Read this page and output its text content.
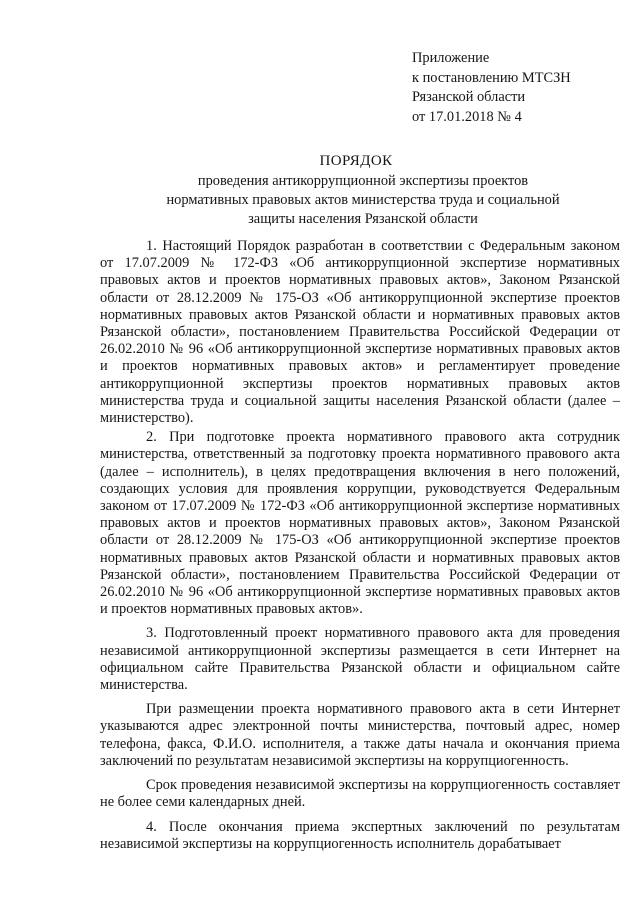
Приложение
к постановлению МТСЗН
Рязанской области
от 17.01.2018 № 4
ПОРЯДОК
проведения антикоррупционной экспертизы проектов нормативных правовых актов министерства труда и социальной защиты населения Рязанской области

1. Настоящий Порядок разработан в соответствии с Федеральным законом от 17.07.2009 № 172-ФЗ «Об антикоррупционной экспертизе нормативных правовых актов и проектов нормативных правовых актов», Законом Рязанской области от 28.12.2009 № 175-ОЗ «Об антикоррупционной экспертизе проектов нормативных правовых актов Рязанской области и нормативных правовых актов Рязанской области», постановлением Правительства Российской Федерации от 26.02.2010 № 96 «Об антикоррупционной экспертизе нормативных правовых актов и проектов нормативных правовых актов» и регламентирует проведение антикоррупционной экспертизы проектов нормативных правовых актов министерства труда и социальной защиты населения Рязанской области (далее – министерство).

2. При подготовке проекта нормативного правового акта сотрудник министерства, ответственный за подготовку проекта нормативного правового акта (далее – исполнитель), в целях предотвращения включения в него положений, создающих условия для проявления коррупции, руководствуется Федеральным законом от 17.07.2009 № 172-ФЗ «Об антикоррупционной экспертизе нормативных правовых актов и проектов нормативных правовых актов», Законом Рязанской области от 28.12.2009 № 175-ОЗ «Об антикоррупционной экспертизе проектов нормативных правовых актов Рязанской области и нормативных правовых актов Рязанской области», постановлением Правительства Российской Федерации от 26.02.2010 № 96 «Об антикоррупционной экспертизе нормативных правовых актов и проектов нормативных правовых актов».

3. Подготовленный проект нормативного правового акта для проведения независимой антикоррупционной экспертизы размещается в сети Интернет на официальном сайте Правительства Рязанской области и официальном сайте министерства.

При размещении проекта нормативного правового акта в сети Интернет указываются адрес электронной почты министерства, почтовый адрес, номер телефона, факса, Ф.И.О. исполнителя, а также даты начала и окончания приема заключений по результатам независимой экспертизы на коррупциогенность.

Срок проведения независимой экспертизы на коррупциогенность составляет не более семи календарных дней.

4. После окончания приема экспертных заключений по результатам независимой экспертизы на коррупциогенность исполнитель дорабатывает
